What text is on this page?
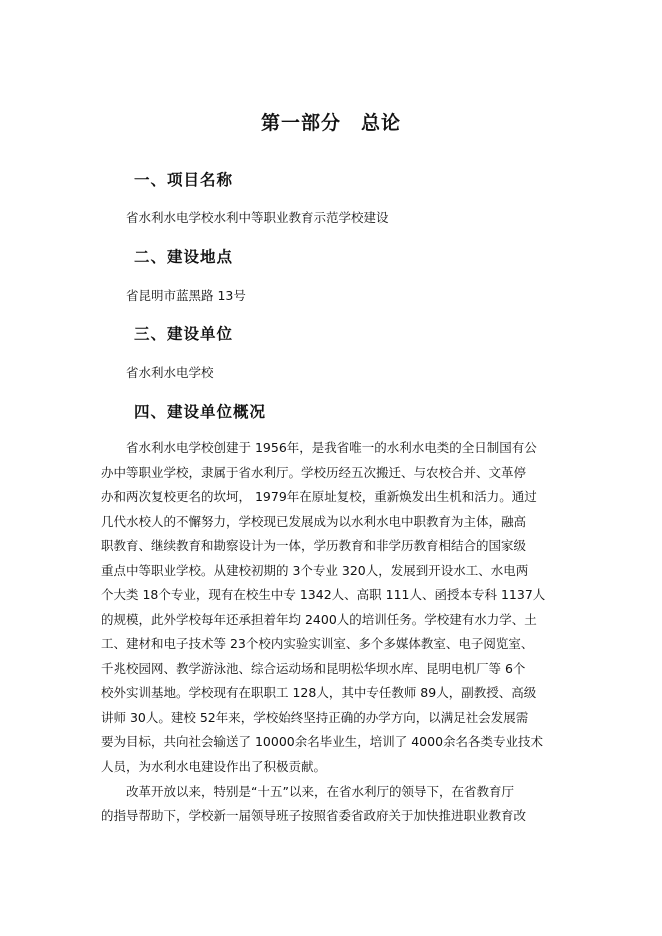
第一部分　总论
一、项目名称
省水利水电学校水利中等职业教育示范学校建设
二、建设地点
省昆明市蓝黑路 13号
三、建设单位
省水利水电学校
四、建设单位概况
省水利水电学校创建于 1956年，是我省唯一的水利水电类的全日制国有公
办中等职业学校，隶属于省水利厅。学校历经五次搬迁、与农校合并、文革停
办和两次复校更名的坎坷， 1979年在原址复校，重新焕发出生机和活力。通过
几代水校人的不懈努力，学校现已发展成为以水利水电中职教育为主体，融高
职教育、继续教育和勘察设计为一体，学历教育和非学历教育相结合的国家级
重点中等职业学校。从建校初期的 3个专业 320人，发展到开设水工、水电两
个大类 18个专业，现有在校生中专 1342人、高职 111人、函授本专科 1137人
的规模，此外学校每年还承担着年均 2400人的培训任务。学校建有水力学、土
工、建材和电子技术等 23个校内实验实训室、多个多媒体教室、电子阅览室、
千兆校园网、教学游泳池、综合运动场和昆明松华坝水库、昆明电机厂等 6个
校外实训基地。学校现有在职职工 128人，其中专任教师 89人，副教授、高级
讲师 30人。建校 52年来，学校始终坚持正确的办学方向，以满足社会发展需
要为目标，共向社会输送了 10000余名毕业生，培训了 4000余名各类专业技术
人员，为水利水电建设作出了积极贡献。
改革开放以来，特别是“十五”以来，在省水利厅的领导下，在省教育厅
的指导帮助下，学校新一届领导班子按照省委省政府关于加快推进职业教育改
